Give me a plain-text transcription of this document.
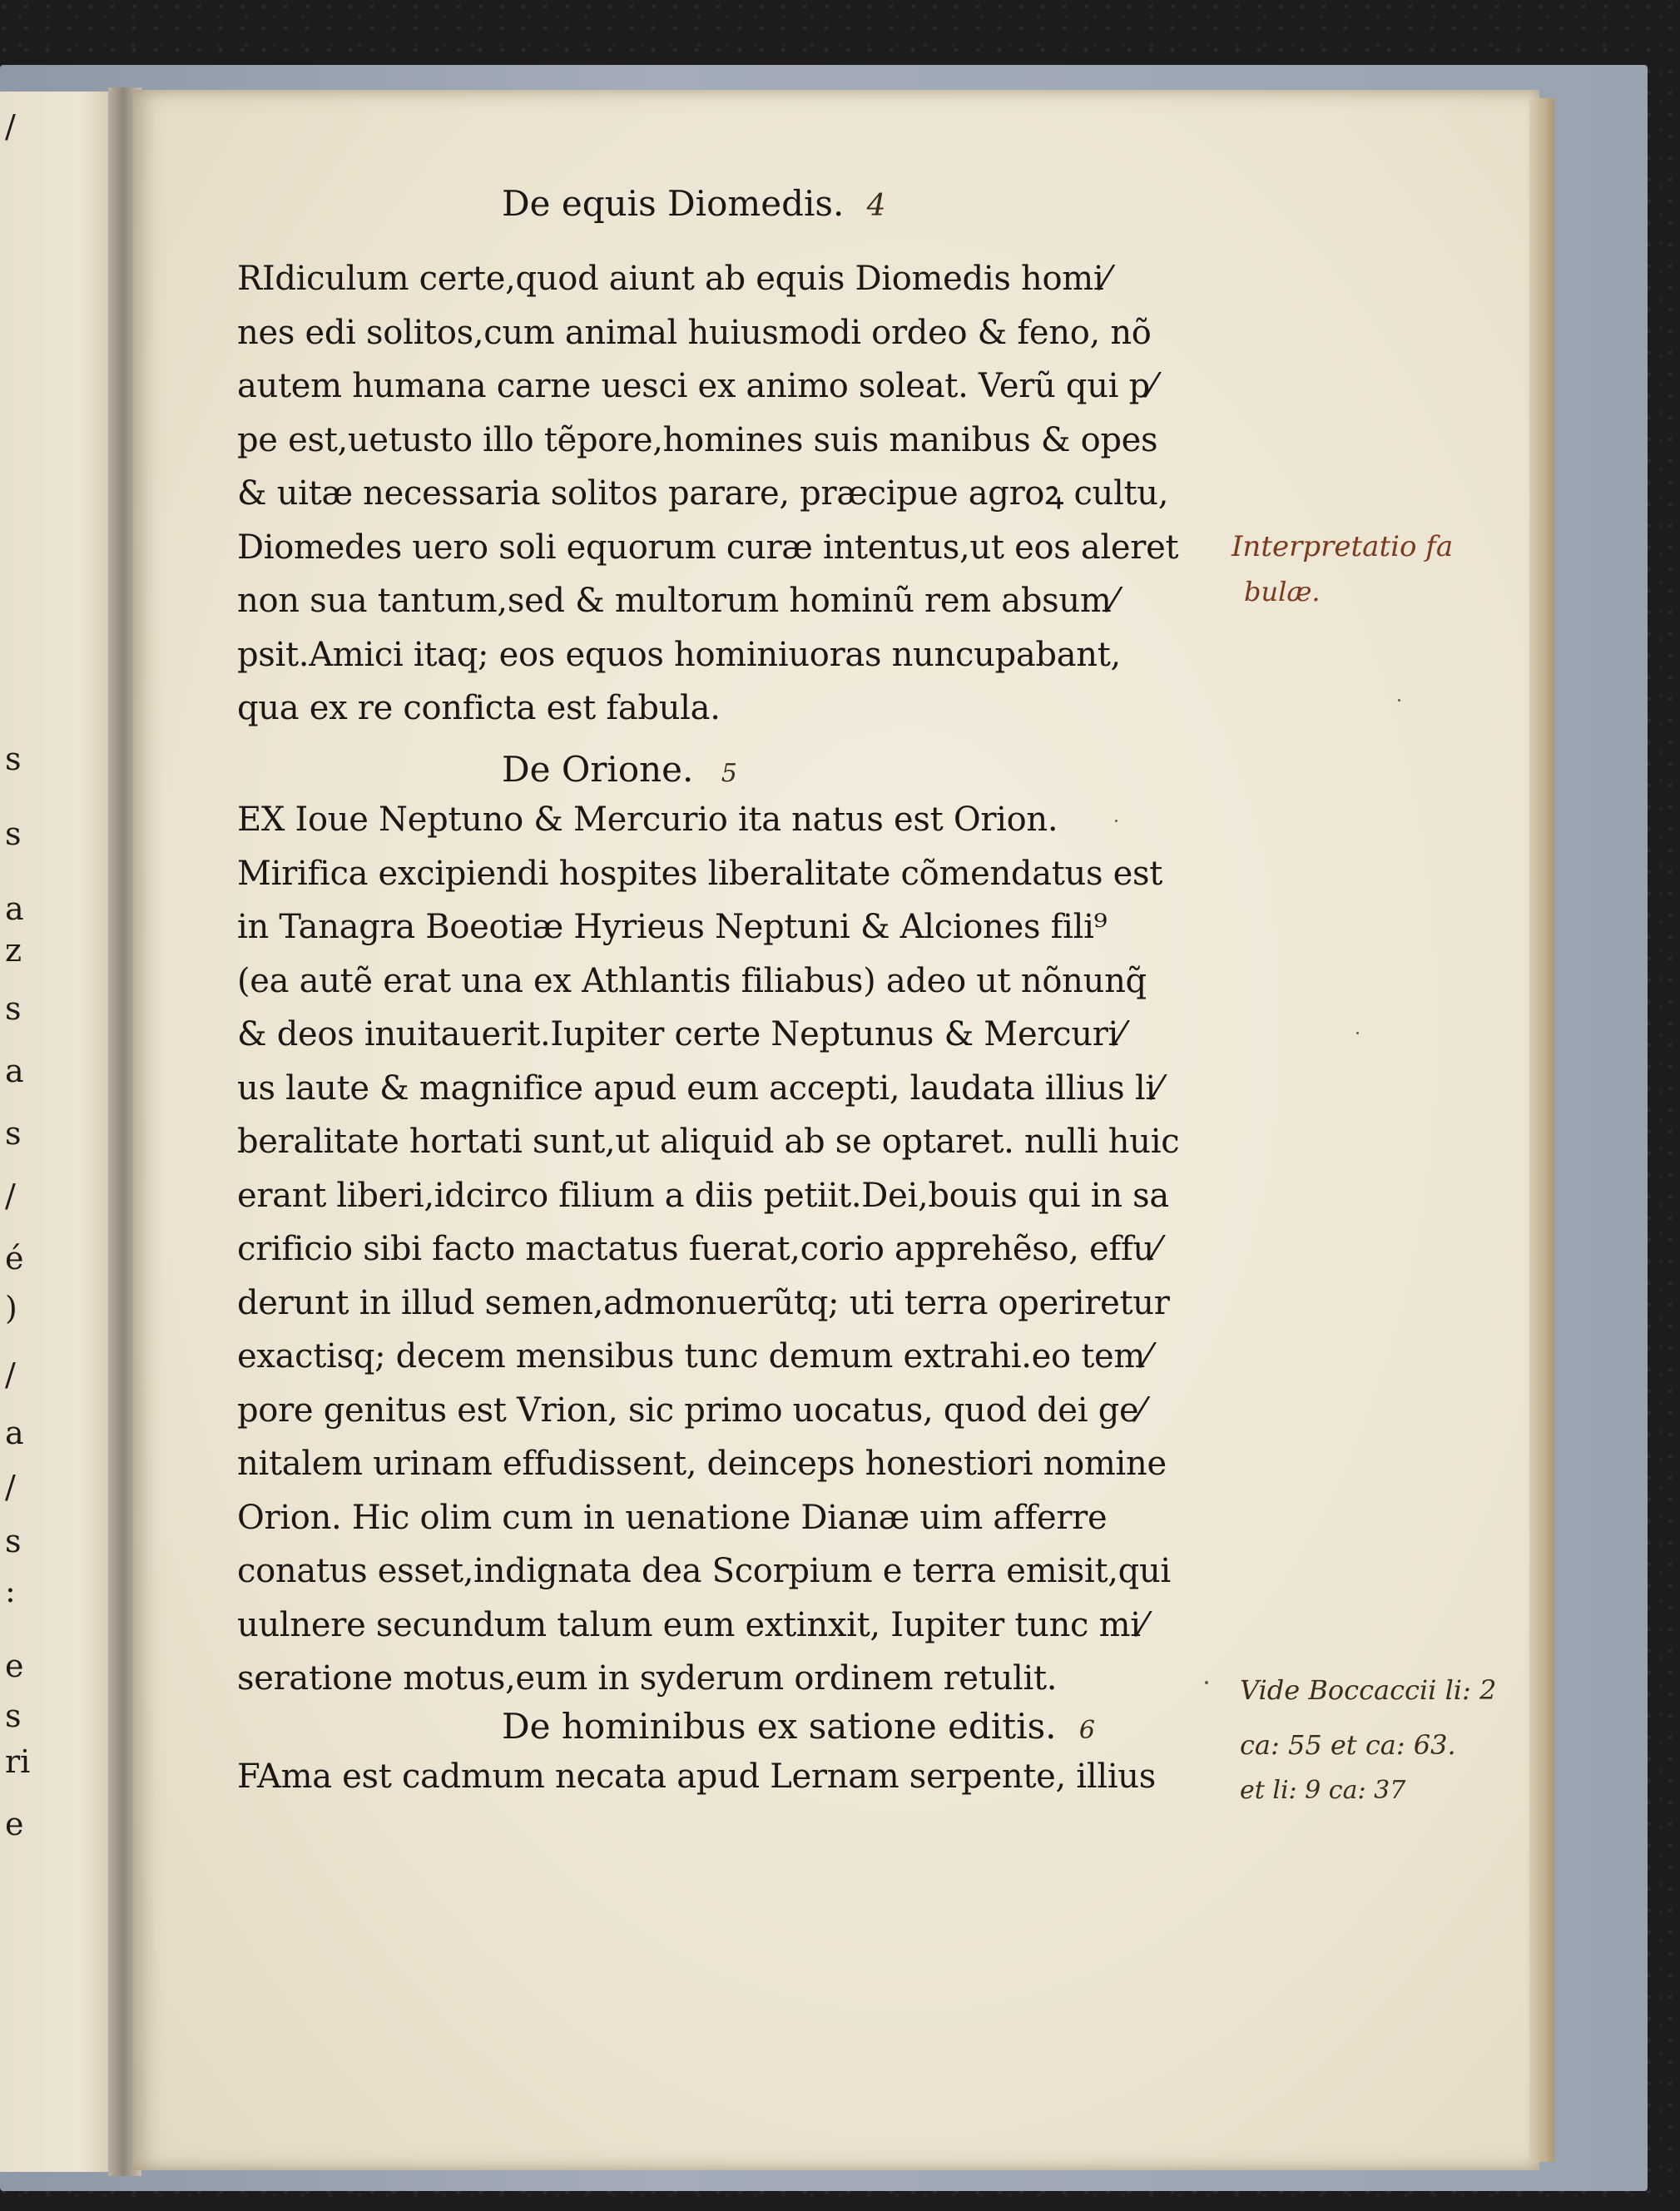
/
s
s
a
z
s
a
s
/
é
)
/
a
/
s
:
e
s
ri
e
De equis Diomedis. 4
RIdiculum certe,quod aiunt ab equis Diomedis homi⁄
nes edi solitos,cum animal huiusmodi ordeo & feno, nõ
autem humana carne uesci ex animo soleat. Verũ qui p⁄
pe est,uetusto illo tẽpore,homines suis manibus & opes
& uitæ necessaria solitos parare, præcipue agroꝝ cultu,
Diomedes uero soli equorum curæ intentus,ut eos aleret
non sua tantum,sed & multorum hominũ rem absum⁄
psit.Amici itaq; eos equos hominiuoras nuncupabant,
qua ex re conficta est fabula.
De Orione. 5
EX Ioue Neptuno & Mercurio ita natus est Orion.
Mirifica excipiendi hospites liberalitate cõmendatus est
in Tanagra Boeotiæ Hyrieus Neptuni & Alciones fili⁹
(ea autẽ erat una ex Athlantis filiabus) adeo ut nõnunq̃
& deos inuitauerit.Iupiter certe Neptunus & Mercuri⁄
us laute & magnifice apud eum accepti, laudata illius li⁄
beralitate hortati sunt,ut aliquid ab se optaret. nulli huic
erant liberi,idcirco filium a diis petiit.Dei,bouis qui in sa
crificio sibi facto mactatus fuerat,corio apprehẽso, effu⁄
derunt in illud semen,admonuerũtq; uti terra operiretur
exactisq; decem mensibus tunc demum extrahi.eo tem⁄
pore genitus est Vrion, sic primo uocatus, quod dei ge⁄
nitalem urinam effudissent, deinceps honestiori nomine
Orion. Hic olim cum in uenatione Dianæ uim afferre
conatus esset,indignata dea Scorpium e terra emisit,qui
uulnere secundum talum eum extinxit, Iupiter tunc mi⁄
seratione motus,eum in syderum ordinem retulit.
De hominibus ex satione editis. 6
FAma est cadmum necata apud Lernam serpente, illius
Interpretatio fa
bulæ.
Vide Boccaccii li: 2
ca: 55 et ca: 63.
et li: 9 ca: 37
